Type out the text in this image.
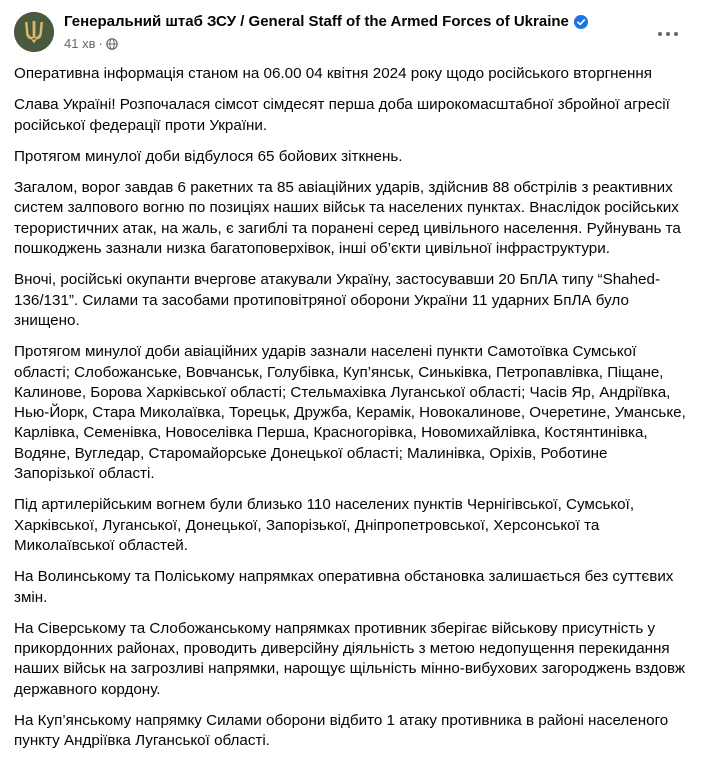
Генеральний штаб ЗСУ / General Staff of the Armed Forces of Ukraine
41 хв ·

Оперативна інформація станом на 06.00 04 квітня 2024 року щодо російського вторгнення

Слава Україні! Розпочалася сімсот сімдесят перша доба широкомасштабної збройної агресії російської федерації проти України.

Протягом минулої доби відбулося 65 бойових зіткнень.

Загалом, ворог завдав 6 ракетних та 85 авіаційних ударів, здійснив 88 обстрілів з реактивних систем залпового вогню по позиціях наших військ та населених пунктах. Внаслідок російських терористичних атак, на жаль, є загиблі та поранені серед цивільного населення. Руйнувань та пошкоджень зазнали низка багатоповерхівок, інші об’єкти цивільної інфраструктури.

Вночі, російські окупанти вчергове атакували Україну, застосувавши 20 БпЛА типу “Shahed-136/131”. Силами та засобами протиповітряної оборони України 11 ударних БпЛА було знищено.

Протягом минулої доби авіаційних ударів зазнали населені пункти Самотоївка Сумської області; Слобожанське, Вовчанськ, Голубівка, Куп’янськ, Синьківка, Петропавлівка, Піщане, Калинове, Борова Харківської області; Стельмахівка Луганської області; Часів Яр, Андріївка, Нью-Йорк, Стара Миколаївка, Торецьк, Дружба, Керамік, Новокалинове, Очеретине, Уманське, Карлівка, Семенівка, Новоселівка Перша, Красногорівка, Новомихайлівка, Костянтинівка, Водяне, Вугледар, Старомайорське Донецької області; Малинівка, Оріхів, Роботине Запорізької області.

Під артилерійським вогнем були близько 110 населених пунктів Чернігівської, Сумської, Харківської, Луганської, Донецької, Запорізької, Дніпропетровської, Херсонської та Миколаївської областей.

На Волинському та Поліському напрямках оперативна обстановка залишається без суттєвих змін.

На Сіверському та Слобожанському напрямках противник зберігає військову присутність у прикордонних районах, проводить диверсійну діяльність з метою недопущення перекидання наших військ на загрозливі напрямки, нарощує щільність мінно-вибухових загороджень вздовж державного кордону.

На Куп’янському напрямку Силами оборони відбито 1 атаку противника в районі населеного пункту Андріївка Луганської області.
